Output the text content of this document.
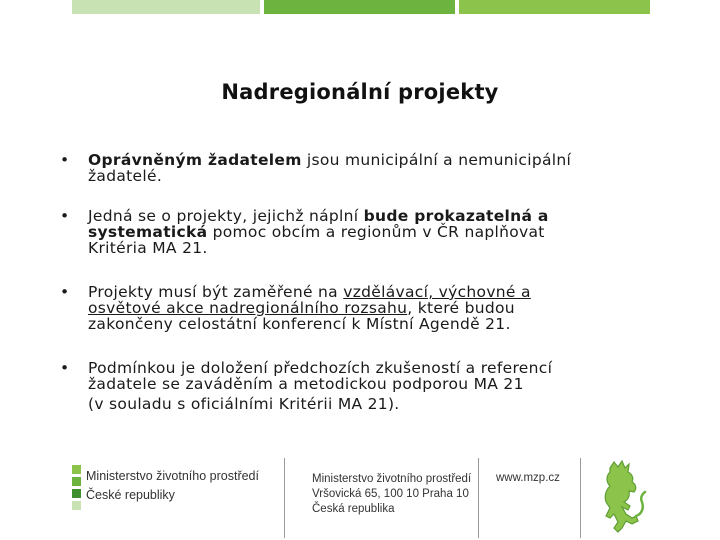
Nadregionální projekty
• Oprávněným žadatelem jsou municipální a nemunicipální
žadatelé.
• Jedná se o projekty, jejichž náplní bude prokazatelná a
systematická pomoc obcím a regionům v ČR naplňovat
Kritéria MA 21.
• Projekty musí být zaměřené na vzdělávací, výchovné a
osvětové akce nadregionálního rozsahu, které budou
zakončeny celostátní konferencí k Místní Agendě 21.
• Podmínkou je doložení předchozích zkušeností a referencí
žadatele se zaváděním a metodickou podporou MA 21
(v souladu s oficiálními Kritérii MA 21).
Ministerstvo životního prostředí
České republiky
Ministerstvo životního prostředí
Vršovická 65, 100 10 Praha 10
Česká republika
www.mzp.cz
